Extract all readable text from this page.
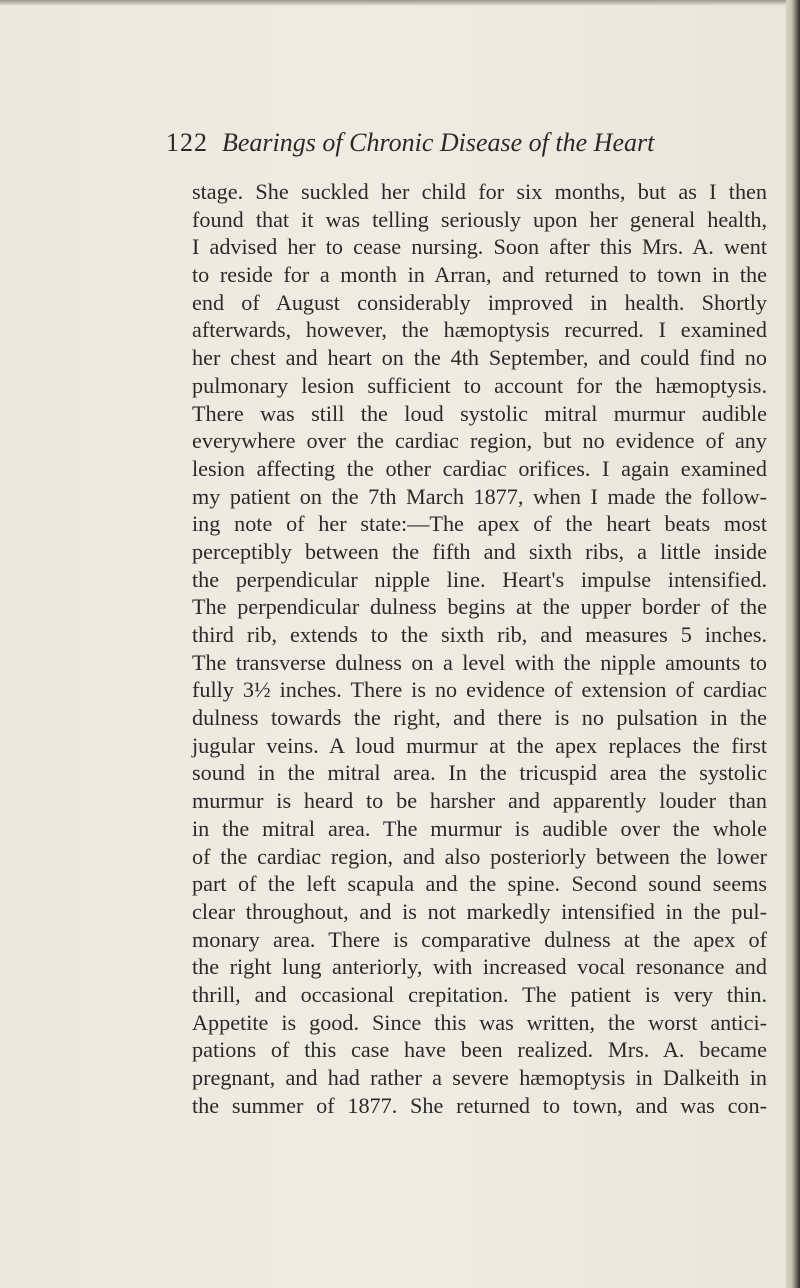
122 Bearings of Chronic Disease of the Heart
stage. She suckled her child for six months, but as I then
found that it was telling seriously upon her general health,
I advised her to cease nursing. Soon after this Mrs. A. went
to reside for a month in Arran, and returned to town in the
end of August considerably improved in health. Shortly
afterwards, however, the hæmoptysis recurred. I examined
her chest and heart on the 4th September, and could find no
pulmonary lesion sufficient to account for the hæmoptysis.
There was still the loud systolic mitral murmur audible
everywhere over the cardiac region, but no evidence of any
lesion affecting the other cardiac orifices. I again examined
my patient on the 7th March 1877, when I made the follow-
ing note of her state:—The apex of the heart beats most
perceptibly between the fifth and sixth ribs, a little inside
the perpendicular nipple line. Heart's impulse intensified.
The perpendicular dulness begins at the upper border of the
third rib, extends to the sixth rib, and measures 5 inches.
The transverse dulness on a level with the nipple amounts to
fully 3½ inches. There is no evidence of extension of cardiac
dulness towards the right, and there is no pulsation in the
jugular veins. A loud murmur at the apex replaces the first
sound in the mitral area. In the tricuspid area the systolic
murmur is heard to be harsher and apparently louder than
in the mitral area. The murmur is audible over the whole
of the cardiac region, and also posteriorly between the lower
part of the left scapula and the spine. Second sound seems
clear throughout, and is not markedly intensified in the pul-
monary area. There is comparative dulness at the apex of
the right lung anteriorly, with increased vocal resonance and
thrill, and occasional crepitation. The patient is very thin.
Appetite is good. Since this was written, the worst antici-
pations of this case have been realized. Mrs. A. became
pregnant, and had rather a severe hæmoptysis in Dalkeith in
the summer of 1877. She returned to town, and was con-
